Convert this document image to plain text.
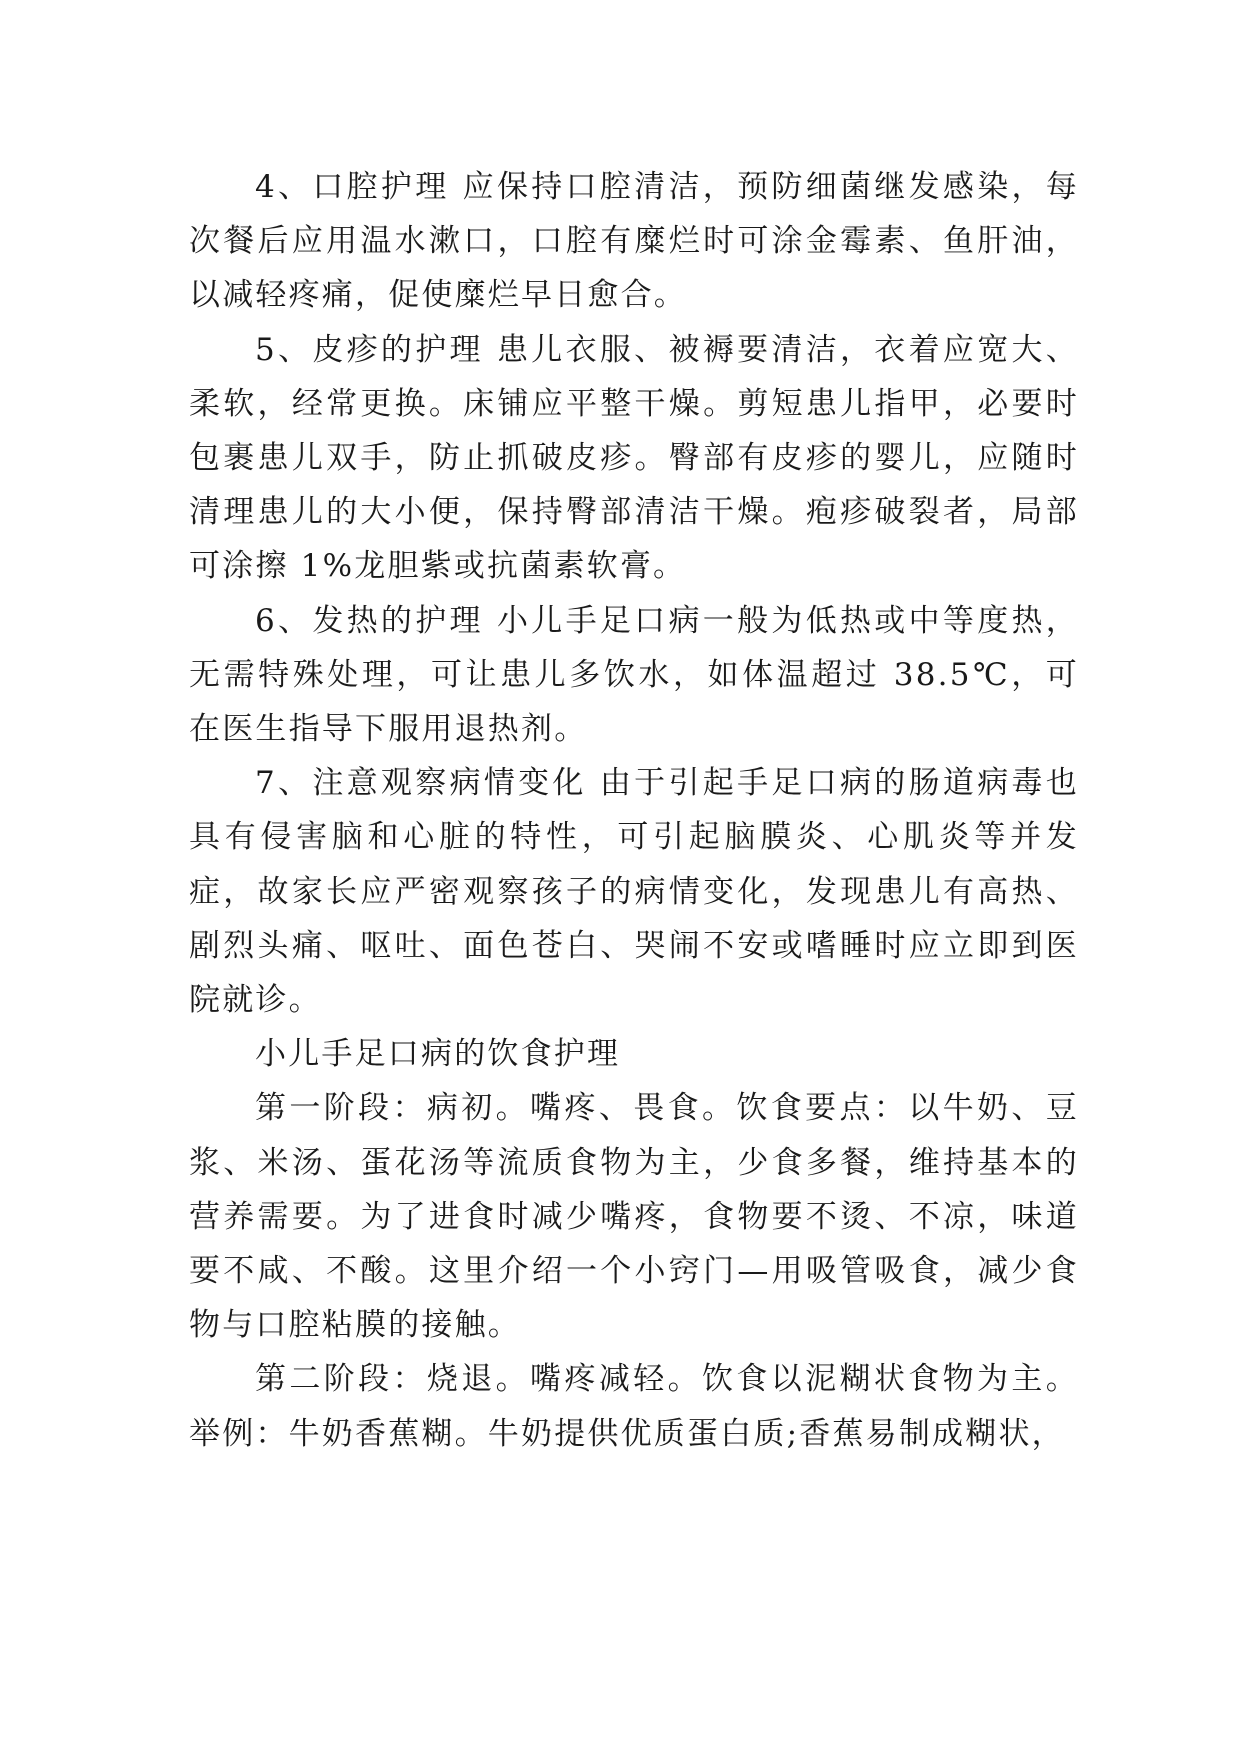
4、口腔护理 应保持口腔清洁，预防细菌继发感染，每次餐后应用温水漱口，口腔有糜烂时可涂金霉素、鱼肝油，以减轻疼痛，促使糜烂早日愈合。

5、皮疹的护理 患儿衣服、被褥要清洁，衣着应宽大、柔软，经常更换。床铺应平整干燥。剪短患儿指甲，必要时包裹患儿双手，防止抓破皮疹。臀部有皮疹的婴儿，应随时清理患儿的大小便，保持臀部清洁干燥。疱疹破裂者，局部可涂擦 1%龙胆紫或抗菌素软膏。

6、发热的护理 小儿手足口病一般为低热或中等度热，无需特殊处理，可让患儿多饮水，如体温超过 38.5℃，可在医生指导下服用退热剂。

7、注意观察病情变化 由于引起手足口病的肠道病毒也具有侵害脑和心脏的特性，可引起脑膜炎、心肌炎等并发症，故家长应严密观察孩子的病情变化，发现患儿有高热、剧烈头痛、呕吐、面色苍白、哭闹不安或嗜睡时应立即到医院就诊。

小儿手足口病的饮食护理

第一阶段：病初。嘴疼、畏食。饮食要点：以牛奶、豆浆、米汤、蛋花汤等流质食物为主，少食多餐，维持基本的营养需要。为了进食时减少嘴疼，食物要不烫、不凉，味道要不咸、不酸。这里介绍一个小窍门—用吸管吸食，减少食物与口腔粘膜的接触。

第二阶段：烧退。嘴疼减轻。饮食以泥糊状食物为主。举例：牛奶香蕉糊。牛奶提供优质蛋白质;香蕉易制成糊状，
